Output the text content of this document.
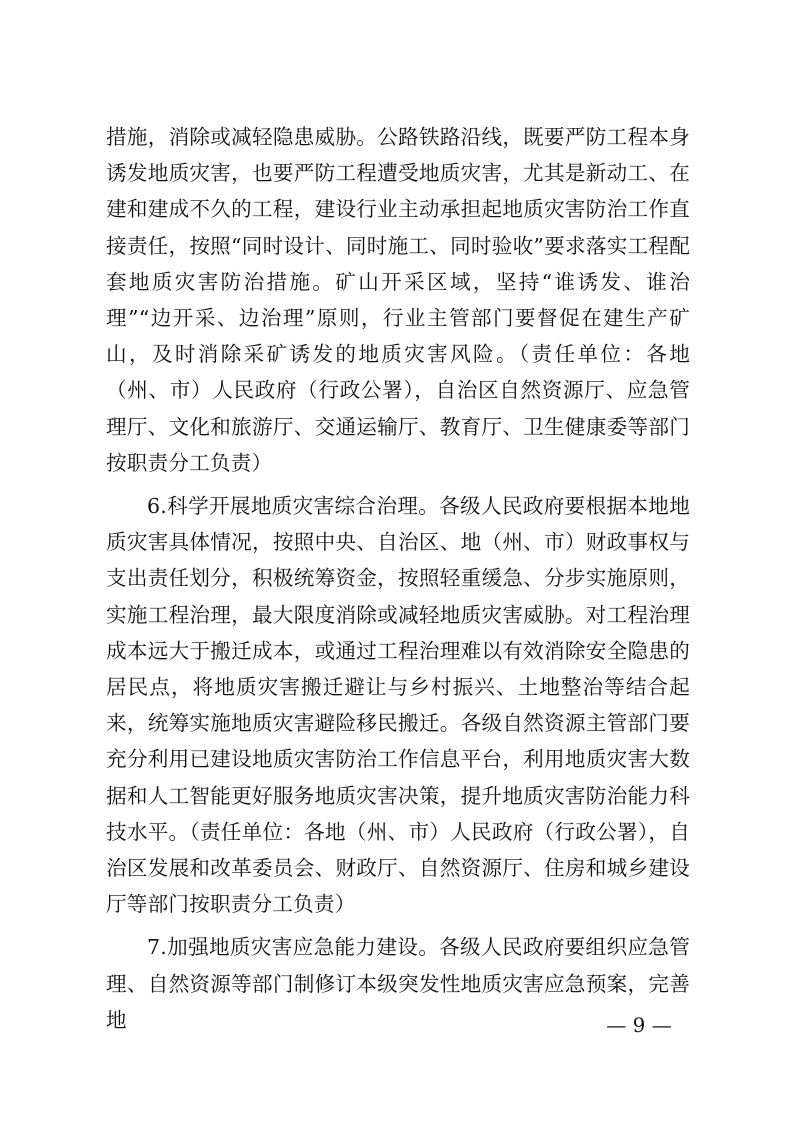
措施，消除或减轻隐患威胁。公路铁路沿线，既要严防工程本身诱发地质灾害，也要严防工程遭受地质灾害，尤其是新动工、在建和建成不久的工程，建设行业主动承担起地质灾害防治工作直接责任，按照“同时设计、同时施工、同时验收”要求落实工程配套地质灾害防治措施。矿山开采区域，坚持“谁诱发、谁治理”“边开采、边治理”原则，行业主管部门要督促在建生产矿山，及时消除采矿诱发的地质灾害风险。（责任单位：各地（州、市）人民政府（行政公署），自治区自然资源厅、应急管理厅、文化和旅游厅、交通运输厅、教育厅、卫生健康委等部门按职责分工负责）

6.科学开展地质灾害综合治理。各级人民政府要根据本地地质灾害具体情况，按照中央、自治区、地（州、市）财政事权与支出责任划分，积极统筹资金，按照轻重缓急、分步实施原则，实施工程治理，最大限度消除或减轻地质灾害威胁。对工程治理成本远大于搬迁成本，或通过工程治理难以有效消除安全隐患的居民点，将地质灾害搬迁避让与乡村振兴、土地整治等结合起来，统筹实施地质灾害避险移民搬迁。各级自然资源主管部门要充分利用已建设地质灾害防治工作信息平台，利用地质灾害大数据和人工智能更好服务地质灾害决策，提升地质灾害防治能力科技水平。（责任单位：各地（州、市）人民政府（行政公署），自治区发展和改革委员会、财政厅、自然资源厅、住房和城乡建设厅等部门按职责分工负责）

7.加强地质灾害应急能力建设。各级人民政府要组织应急管理、自然资源等部门制修订本级突发性地质灾害应急预案，完善地	— 9 —
